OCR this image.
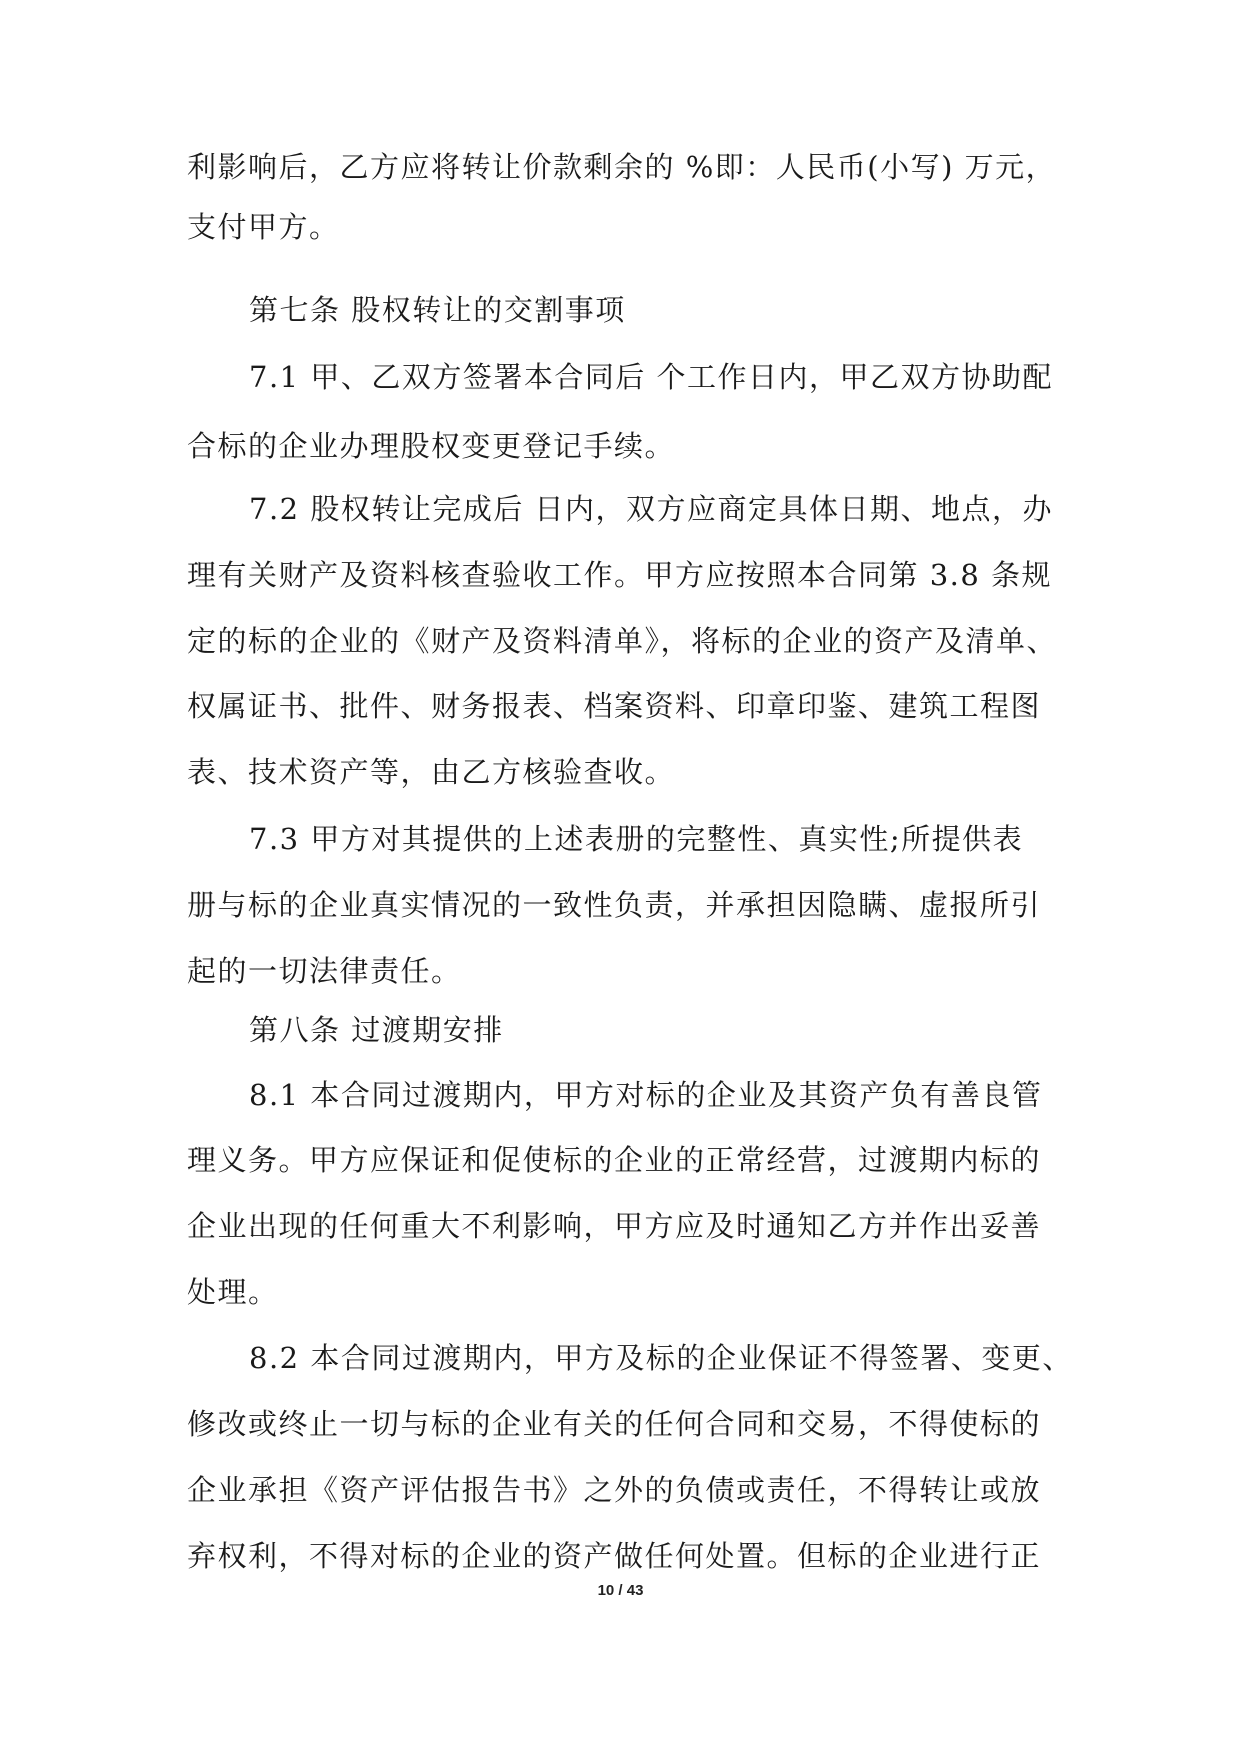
利影响后，乙方应将转让价款剩余的 %即：人民币(小写) 万元，
支付甲方。
第七条 股权转让的交割事项
7.1 甲、乙双方签署本合同后 个工作日内，甲乙双方协助配
合标的企业办理股权变更登记手续。
7.2 股权转让完成后 日内，双方应商定具体日期、地点，办
理有关财产及资料核查验收工作。甲方应按照本合同第 3.8 条规
定的标的企业的《财产及资料清单》，将标的企业的资产及清单、
权属证书、批件、财务报表、档案资料、印章印鉴、建筑工程图
表、技术资产等，由乙方核验查收。
7.3 甲方对其提供的上述表册的完整性、真实性;所提供表
册与标的企业真实情况的一致性负责，并承担因隐瞒、虚报所引
起的一切法律责任。
第八条 过渡期安排
8.1 本合同过渡期内，甲方对标的企业及其资产负有善良管
理义务。甲方应保证和促使标的企业的正常经营，过渡期内标的
企业出现的任何重大不利影响，甲方应及时通知乙方并作出妥善
处理。
8.2 本合同过渡期内，甲方及标的企业保证不得签署、变更、
修改或终止一切与标的企业有关的任何合同和交易，不得使标的
企业承担《资产评估报告书》之外的负债或责任，不得转让或放
弃权利，不得对标的企业的资产做任何处置。但标的企业进行正
10 / 43
